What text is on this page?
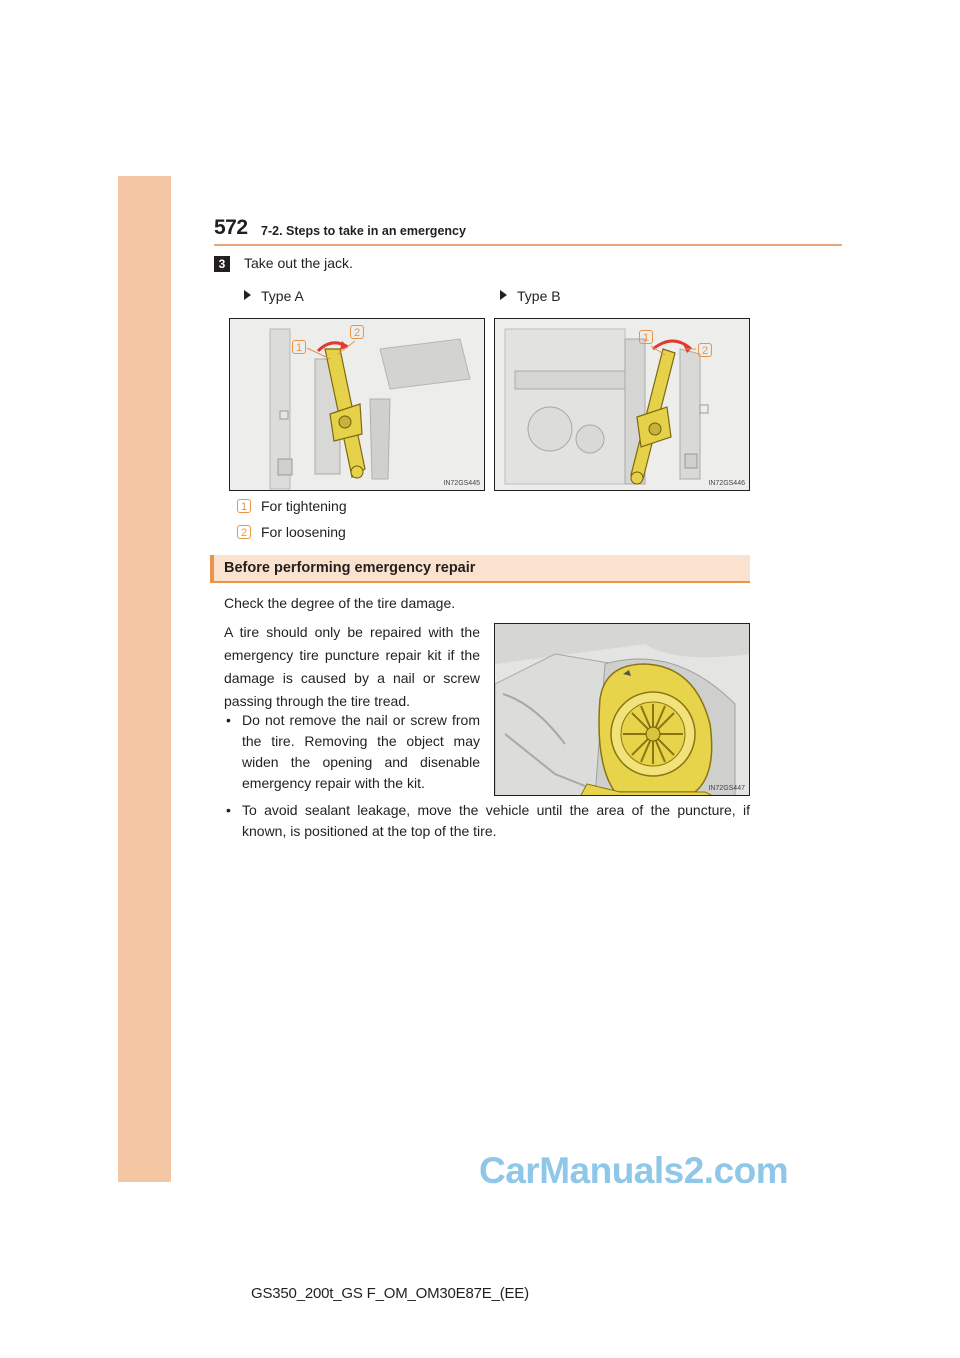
572 7-2. Steps to take in an emergency
3	Take out the jack.
Type A	Type B
1
2
IN72GS445
1
2
IN72GS446
1 For tightening
2 For loosening
Before performing emergency repair
Check the degree of the tire damage.
A tire should only be repaired with the emergency tire puncture repair kit if the damage is caused by a nail or screw passing through the tire tread.
• Do not remove the nail or screw from the tire. Removing the object may widen the opening and disenable emergency repair with the kit.	IN72GS447
• To avoid sealant leakage, move the vehicle until the area of the puncture, if known, is positioned at the top of the tire.
CarManuals2.com
GS350_200t_GS F_OM_OM30E87E_(EE)
